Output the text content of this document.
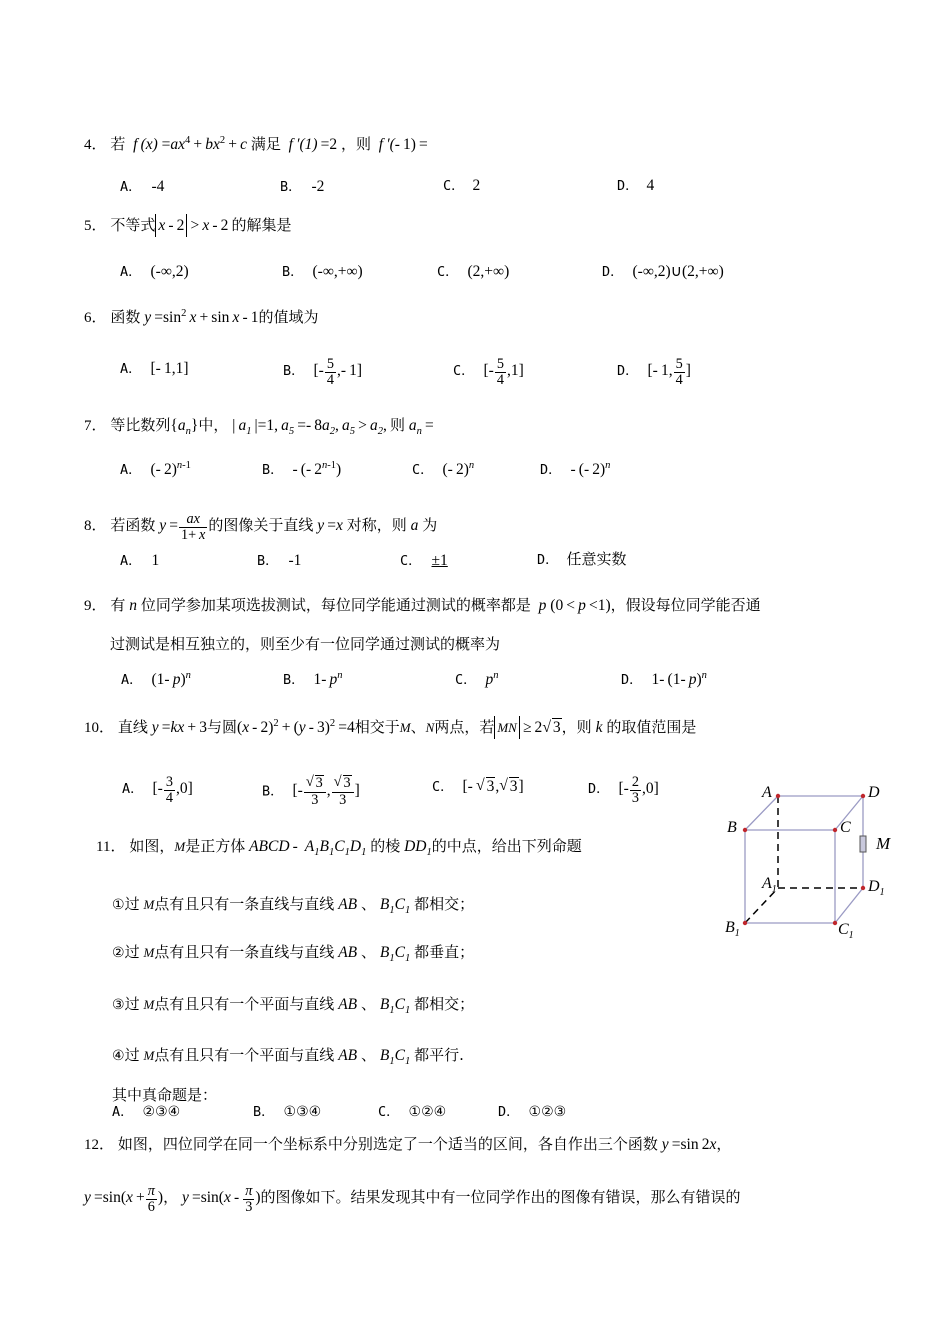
4． 若  f $(x) =ax^4 + bx^2 + c$ 满足  f ′(1) =2 ，则  f ′(- 1) =
A． -4	B． -2	C． 2	D． 4
5． 不等式 x - 2 > x - 2 的解集是
A． (-∞,2)	B． (-∞,+∞)	C． (2,+∞)	D． (-∞,2)∪(2,+∞)
6． 函数 $y =\sin^2$ x + sin x - 1的值域为
A． [- 1,1]	B． [- $\frac{5}{4}$ ,- 1]	C． [- $\frac{5}{4} ,1$]	D． [- 1, $\frac{5}{4}$ ]
7． 等比数列$\{a_n\}$中， | $a_1$ |=1, $a_5 =- 8a_2$, $a_5 > a_2$, 则 $a_n$ =
A． (- 2)$^{n-1}$	B． - (- 2$^{n-1}$)	C． (- 2)$^n$	D． - (- 2)$^n$
8． 若函数 $y = \frac{ax}{1+ x}$ 的图像关于直线 y =x 对称，则 a 为
A． 1	B． -1	C． ±1	D． 任意实数
9． 有 n 位同学参加某项选拔测试，每位同学能通过测试的概率都是  p (0 < p <1)，假设每位同学能否通
过测试是相互独立的，则至少有一位同学通过测试的概率为
A． (1- p)$^n$	B． 1- $p^n$	C． $p^n$	D． 1- (1- p)$^n$
10． 直线 y =kx + 3与圆(x - 2)$^2$ + (y - 3)$^2$ =4相交于M、N两点，若 MN ≥ 2 √ 3，则 k 的取值范围是
A． [- $\frac{3}{4} ,0$]	B． [- √ $\frac{3}{3}$ , √ $\frac{3}{3}$ ]	C． [- √ 3, √ 3]	D． [- $\frac{2}{3} ,0$]	A	D
B	C
$A_1$	$D_1$
$B_1$	$C_1$
M
11． 如图，M是正方体 ABCD -  $A_1B_1C_1D_1$ 的棱 $DD_1$的中点，给出下列命题
①过 M点有且只有一条直线与直线 AB 、 $B_1C_1$ 都相交；
②过 M点有且只有一条直线与直线 AB 、 $B_1C_1$ 都垂直；
③过 M点有且只有一个平面与直线 AB 、 $B_1C_1$ 都相交；
④过 M点有且只有一个平面与直线 AB 、 $B_1C_1$ 都平行.
其中真命题是：
A． ②③④	B． ①③④	C． ①②④	D． ①②③
12． 如图，四位同学在同一个坐标系中分别选定了一个适当的区间，各自作出三个函数 y =sin 2x，
$y =\sin(x + \frac{\pi}{6}$ )， $y =\sin(x - \frac{\pi}{3}$ )的图像如下。结果发现其中有一位同学作出的图像有错误，那么有错误的
